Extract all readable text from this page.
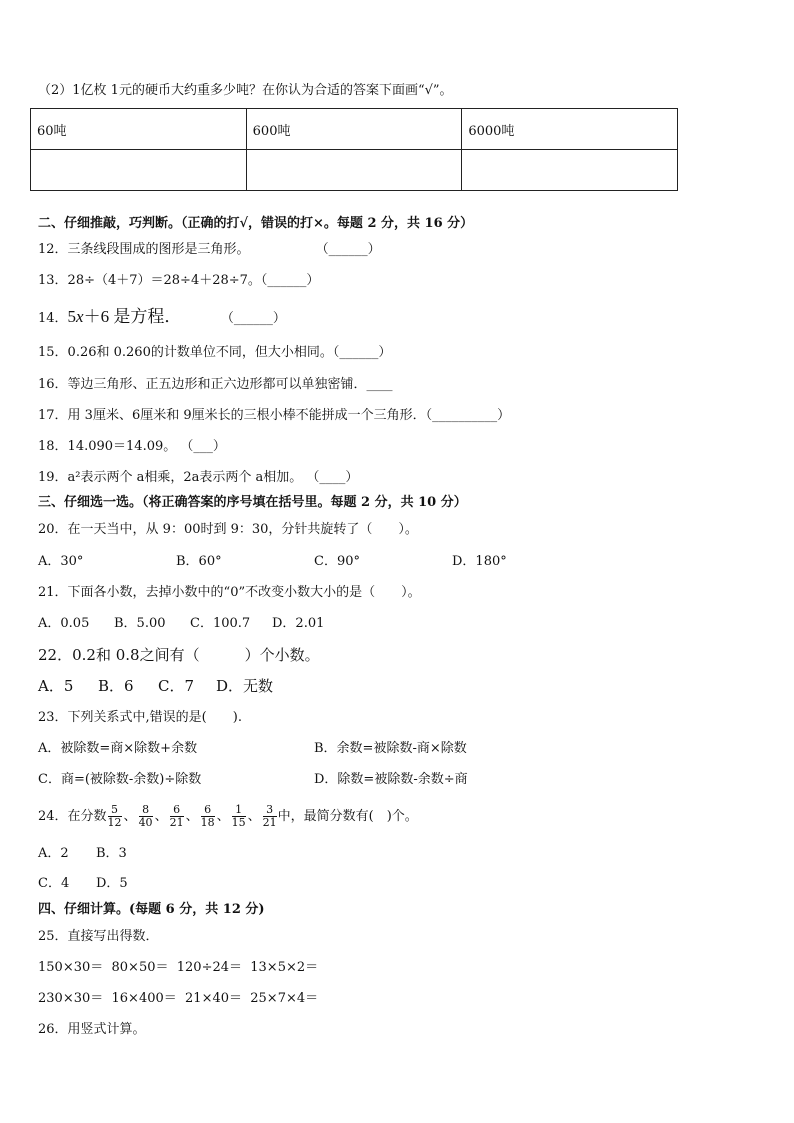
（2）1亿枚 1元的硬币大约重多少吨？在你认为合适的答案下面画“√”。
60吨	600吨	6000吨

二、仔细推敲，巧判断。（正确的打√，错误的打×。每题 2 分，共 16 分）
12．三条线段围成的图形是三角形。                （______）
13．28÷（4＋7）＝28÷4＋28÷7。（______）
14．5x＋6 是方程．	（______）
15．0.26和 0.260的计数单位不同，但大小相同。（______）
16．等边三角形、正五边形和正六边形都可以单独密铺．____
17．用 3厘米、6厘米和 9厘米长的三根小棒不能拼成一个三角形．（__________）
18．14.090＝14.09。 （___）
19．a²表示两个 a相乘，2a表示两个 a相加。 （____）
三、仔细选一选。（将正确答案的序号填在括号里。每题 2 分，共 10 分）
20．在一天当中，从 9：00时到 9：30，分针共旋转了（　　）。
A．30°	B．60°	C．90°	D．180°
21．下面各小数，去掉小数中的“0”不改变小数大小的是（　　）。
A．0.05 B．5.00 C．100.7 D．2.01
22．0.2和 0.8之间有（　　　）个小数。
A．5 B．6 C．7 D．无数
23．下列关系式中,错误的是(　　).
A．被除数=商×除数+余数	B．余数=被除数-商×除数
C．商=(被除数-余数)÷除数	D．除数=被除数-余数÷商
24．在分数 $\frac{5}{12}$ 、 $\frac{8}{40}$ 、 $\frac{6}{21}$ 、 $\frac{6}{18}$ 、 $\frac{1}{15}$ 、 $\frac{3}{21}$ 中，最简分数有(　)个。
A．2 B．3
C．4 D．5
四、仔细计算。(每题 6 分，共 12 分)
25．直接写出得数．
150×30＝  80×50＝  120÷24＝  13×5×2＝
230×30＝  16×400＝  21×40＝  25×7×4＝
26．用竖式计算。
